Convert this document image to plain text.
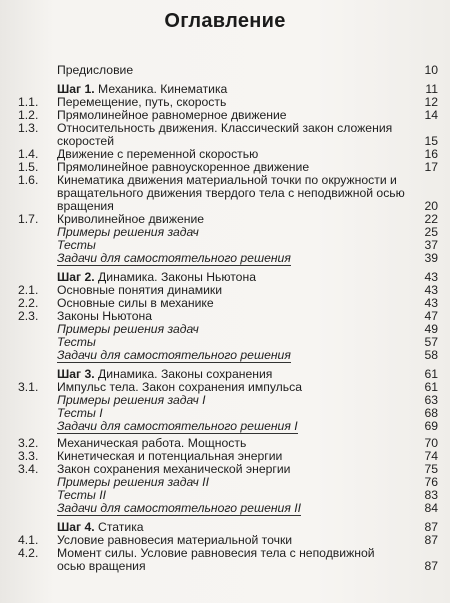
Оглавление
Предисловие	10
Шаг 1. Механика. Кинематика	11
1.1.	Перемещение, путь, скорость	12
1.2.	Прямолинейное равномерное движение	14
1.3.	Относительность движения. Классический закон сложения скоростей	15
1.4.	Движение с переменной скоростью	16
1.5.	Прямолинейное равноускоренное движение	17
1.6.	Кинематика движения материальной точки по окружности и вращательного движения твердого тела с неподвижной осью вращения	20
1.7.	Криволинейное движение	22
Примеры решения задач	25
Тесты	37
Задачи для самостоятельного решения	39
Шаг 2. Динамика. Законы Ньютона	43
2.1.	Основные понятия динамики	43
2.2.	Основные силы в механике	43
2.3.	Законы Ньютона	47
Примеры решения задач	49
Тесты	57
Задачи для самостоятельного решения	58
Шаг 3. Динамика. Законы сохранения	61
3.1.	Импульс тела. Закон сохранения импульса	61
Примеры решения задач I	63
Тесты I	68
Задачи для самостоятельного решения I	69
3.2.	Механическая работа. Мощность	70
3.3.	Кинетическая и потенциальная энергии	74
3.4.	Закон сохранения механической энергии	75
Примеры решения задач II	76
Тесты II	83
Задачи для самостоятельного решения II	84
Шаг 4. Статика	87
4.1.	Условие равновесия материальной точки	87
4.2.	Момент силы. Условие равновесия тела с неподвижной осью вращения	87
